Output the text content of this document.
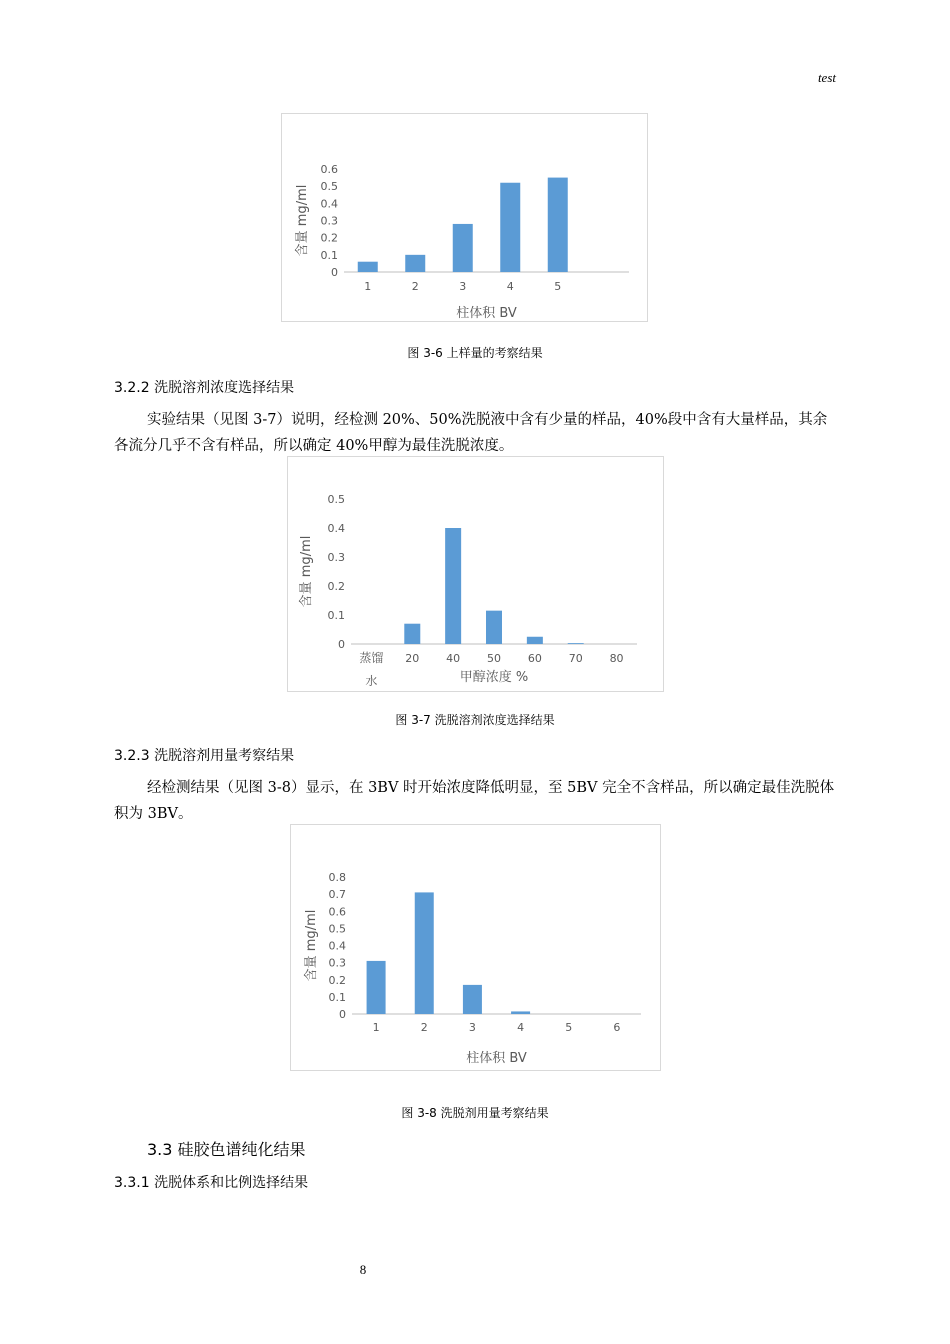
test
0
0.1
0.2
0.3
0.4
0.5
0.6
1	2	3	4	5
含量 mg/ml
柱体积 BV
图 3-6 上样量的考察结果
3.2.2 洗脱溶剂浓度选择结果
实验结果（见图 3-7）说明，经检测 20%、50%洗脱液中含有少量的样品，40%段中含有大量样品，其余各流分几乎不含有样品，所以确定 40%甲醇为最佳洗脱浓度。
0
0.1
0.2
0.3
0.4
0.5
蒸馏
水
20 40 50 60 70 80
含量 mg/ml
甲醇浓度 %
图 3-7 洗脱溶剂浓度选择结果
3.2.3 洗脱溶剂用量考察结果
经检测结果（见图 3-8）显示，在 3BV 时开始浓度降低明显，至 5BV 完全不含样品，所以确定最佳洗脱体积为 3BV。
0
0.1
0.2
0.3
0.4
0.5
0.6
0.7
0.8
1	2	3	4	5	6
含量 mg/ml
柱体积 BV
图 3-8 洗脱剂用量考察结果
3.3 硅胶色谱纯化结果
3.3.1 洗脱体系和比例选择结果
8
